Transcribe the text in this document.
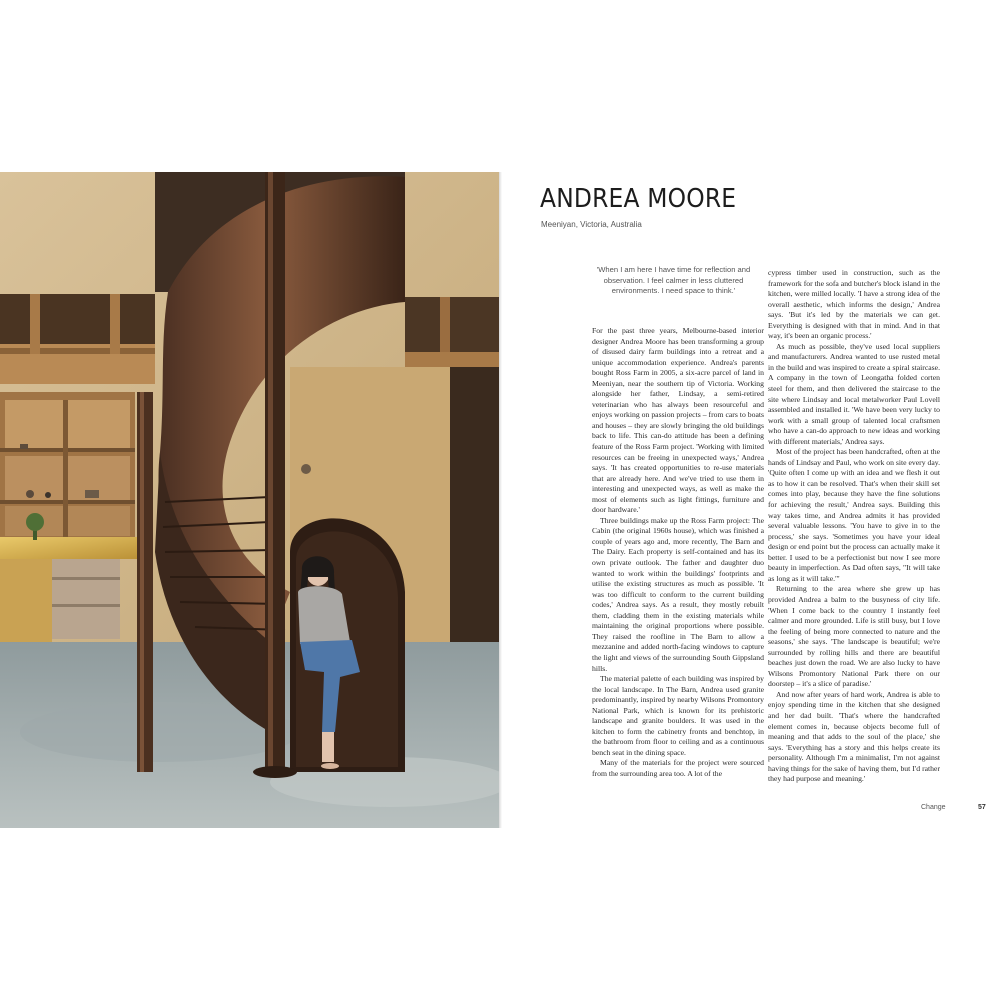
ANDREA MOORE
Meeniyan, Victoria, Australia
'When I am here I have time for reflection and observation. I feel calmer in less cluttered environments. I need space to think.'

For the past three years, Melbourne-based interior designer Andrea Moore has been transforming a group of disused dairy farm buildings into a retreat and a unique accommodation experience. Andrea's parents bought Ross Farm in 2005, a six-acre parcel of land in Meeniyan, near the southern tip of Victoria. Working alongside her father, Lindsay, a semi-retired veterinarian who has always been resourceful and enjoys working on passion projects – from cars to boats and houses – they are slowly bringing the old buildings back to life. This can-do attitude has been a defining feature of the Ross Farm project. 'Working with limited resources can be freeing in unexpected ways,' Andrea says. 'It has created opportunities to re-use materials that are already here. And we've tried to use them in interesting and unexpected ways, as well as make the most of elements such as light fittings, furniture and door hardware.'

Three buildings make up the Ross Farm project: The Cabin (the original 1960s house), which was finished a couple of years ago and, more recently, The Barn and The Dairy. Each property is self-contained and has its own private outlook. The father and daughter duo wanted to work within the buildings' footprints and utilise the existing structures as much as possible. 'It was too difficult to conform to the current building codes,' Andrea says. As a result, they mostly rebuilt them, cladding them in the existing materials while maintaining the original proportions where possible. They raised the roofline in The Barn to allow a mezzanine and added north-facing windows to capture the light and views of the surrounding South Gippsland hills.

The material palette of each building was inspired by the local landscape. In The Barn, Andrea used granite predominantly, inspired by nearby Wilsons Promontory National Park, which is known for its prehistoric landscape and granite boulders. It was used in the kitchen to form the cabinetry fronts and benchtop, in the bathroom from floor to ceiling and as a continuous bench seat in the dining space.

Many of the materials for the project were sourced from the surrounding area too. A lot of the

cypress timber used in construction, such as the framework for the sofa and butcher's block island in the kitchen, were milled locally. 'I have a strong idea of the overall aesthetic, which informs the design,' Andrea says. 'But it's led by the materials we can get. Everything is designed with that in mind. And in that way, it's been an organic process.'

As much as possible, they've used local suppliers and manufacturers. Andrea wanted to use rusted metal in the build and was inspired to create a spiral staircase. A company in the town of Leongatha folded corten steel for them, and then delivered the staircase to the site where Lindsay and local metalworker Paul Lovell assembled and installed it. 'We have been very lucky to work with a small group of talented local craftsmen who have a can-do approach to new ideas and working with different materials,' Andrea says.

Most of the project has been handcrafted, often at the hands of Lindsay and Paul, who work on site every day. 'Quite often I come up with an idea and we flesh it out as to how it can be resolved. That's when their skill set comes into play, because they have the fine solutions for achieving the result,' Andrea says. Building this way takes time, and Andrea admits it has provided several valuable lessons. 'You have to give in to the process,' she says. 'Sometimes you have your ideal design or end point but the process can actually make it better. I used to be a perfectionist but now I see more beauty in imperfection. As Dad often says, "It will take as long as it will take."'

Returning to the area where she grew up has provided Andrea a balm to the busyness of city life. 'When I come back to the country I instantly feel calmer and more grounded. Life is still busy, but I love the feeling of being more connected to nature and the seasons,' she says. 'The landscape is beautiful; we're surrounded by rolling hills and there are beautiful beaches just down the road. We are also lucky to have Wilsons Promontory National Park there on our doorstep – it's a slice of paradise.'

And now after years of hard work, Andrea is able to enjoy spending time in the kitchen that she designed and her dad built. 'That's where the handcrafted element comes in, because objects become full of meaning and that adds to the soul of the place,' she says. 'Everything has a story and this helps create its personality. Although I'm a minimalist, I'm not against having things for the sake of having them, but I'd rather they had purpose and meaning.'

Change	57
